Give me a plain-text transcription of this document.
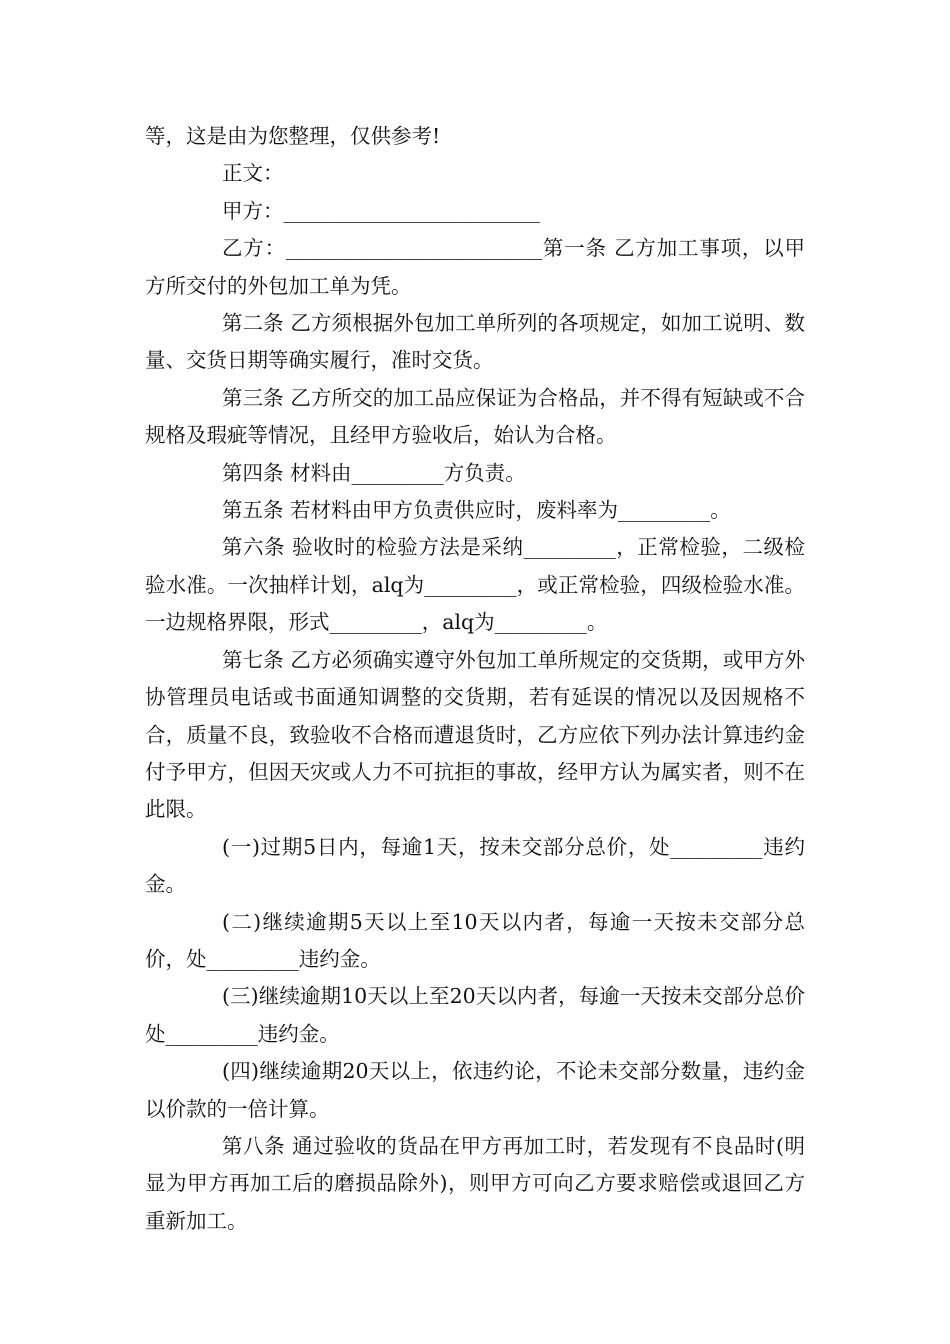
等，这是由为您整理，仅供参考!

正文：

甲方：_________________________

乙方：_________________________第一条 乙方加工事项，以甲方所交付的外包加工单为凭。

第二条 乙方须根据外包加工单所列的各项规定，如加工说明、数量、交货日期等确实履行，准时交货。

第三条 乙方所交的加工品应保证为合格品，并不得有短缺或不合规格及瑕疵等情况，且经甲方验收后，始认为合格。

第四条 材料由_________方负责。

第五条 若材料由甲方负责供应时，废料率为_________。

第六条 验收时的检验方法是采纳_________，正常检验，二级检验水准。一次抽样计划，alq为_________，或正常检验，四级检验水准。一边规格界限，形式_________，alq为_________。

第七条 乙方必须确实遵守外包加工单所规定的交货期，或甲方外协管理员电话或书面通知调整的交货期，若有延误的情况以及因规格不合，质量不良，致验收不合格而遭退货时，乙方应依下列办法计算违约金付予甲方，但因天灾或人力不可抗拒的事故，经甲方认为属实者，则不在此限。

(一)过期5日内，每逾1天，按未交部分总价，处_________违约金。

(二)继续逾期5天以上至10天以内者，每逾一天按未交部分总价，处_________违约金。

(三)继续逾期10天以上至20天以内者，每逾一天按未交部分总价处_________违约金。

(四)继续逾期20天以上，依违约论，不论未交部分数量，违约金以价款的一倍计算。

第八条 通过验收的货品在甲方再加工时，若发现有不良品时(明显为甲方再加工后的磨损品除外)，则甲方可向乙方要求赔偿或退回乙方重新加工。
